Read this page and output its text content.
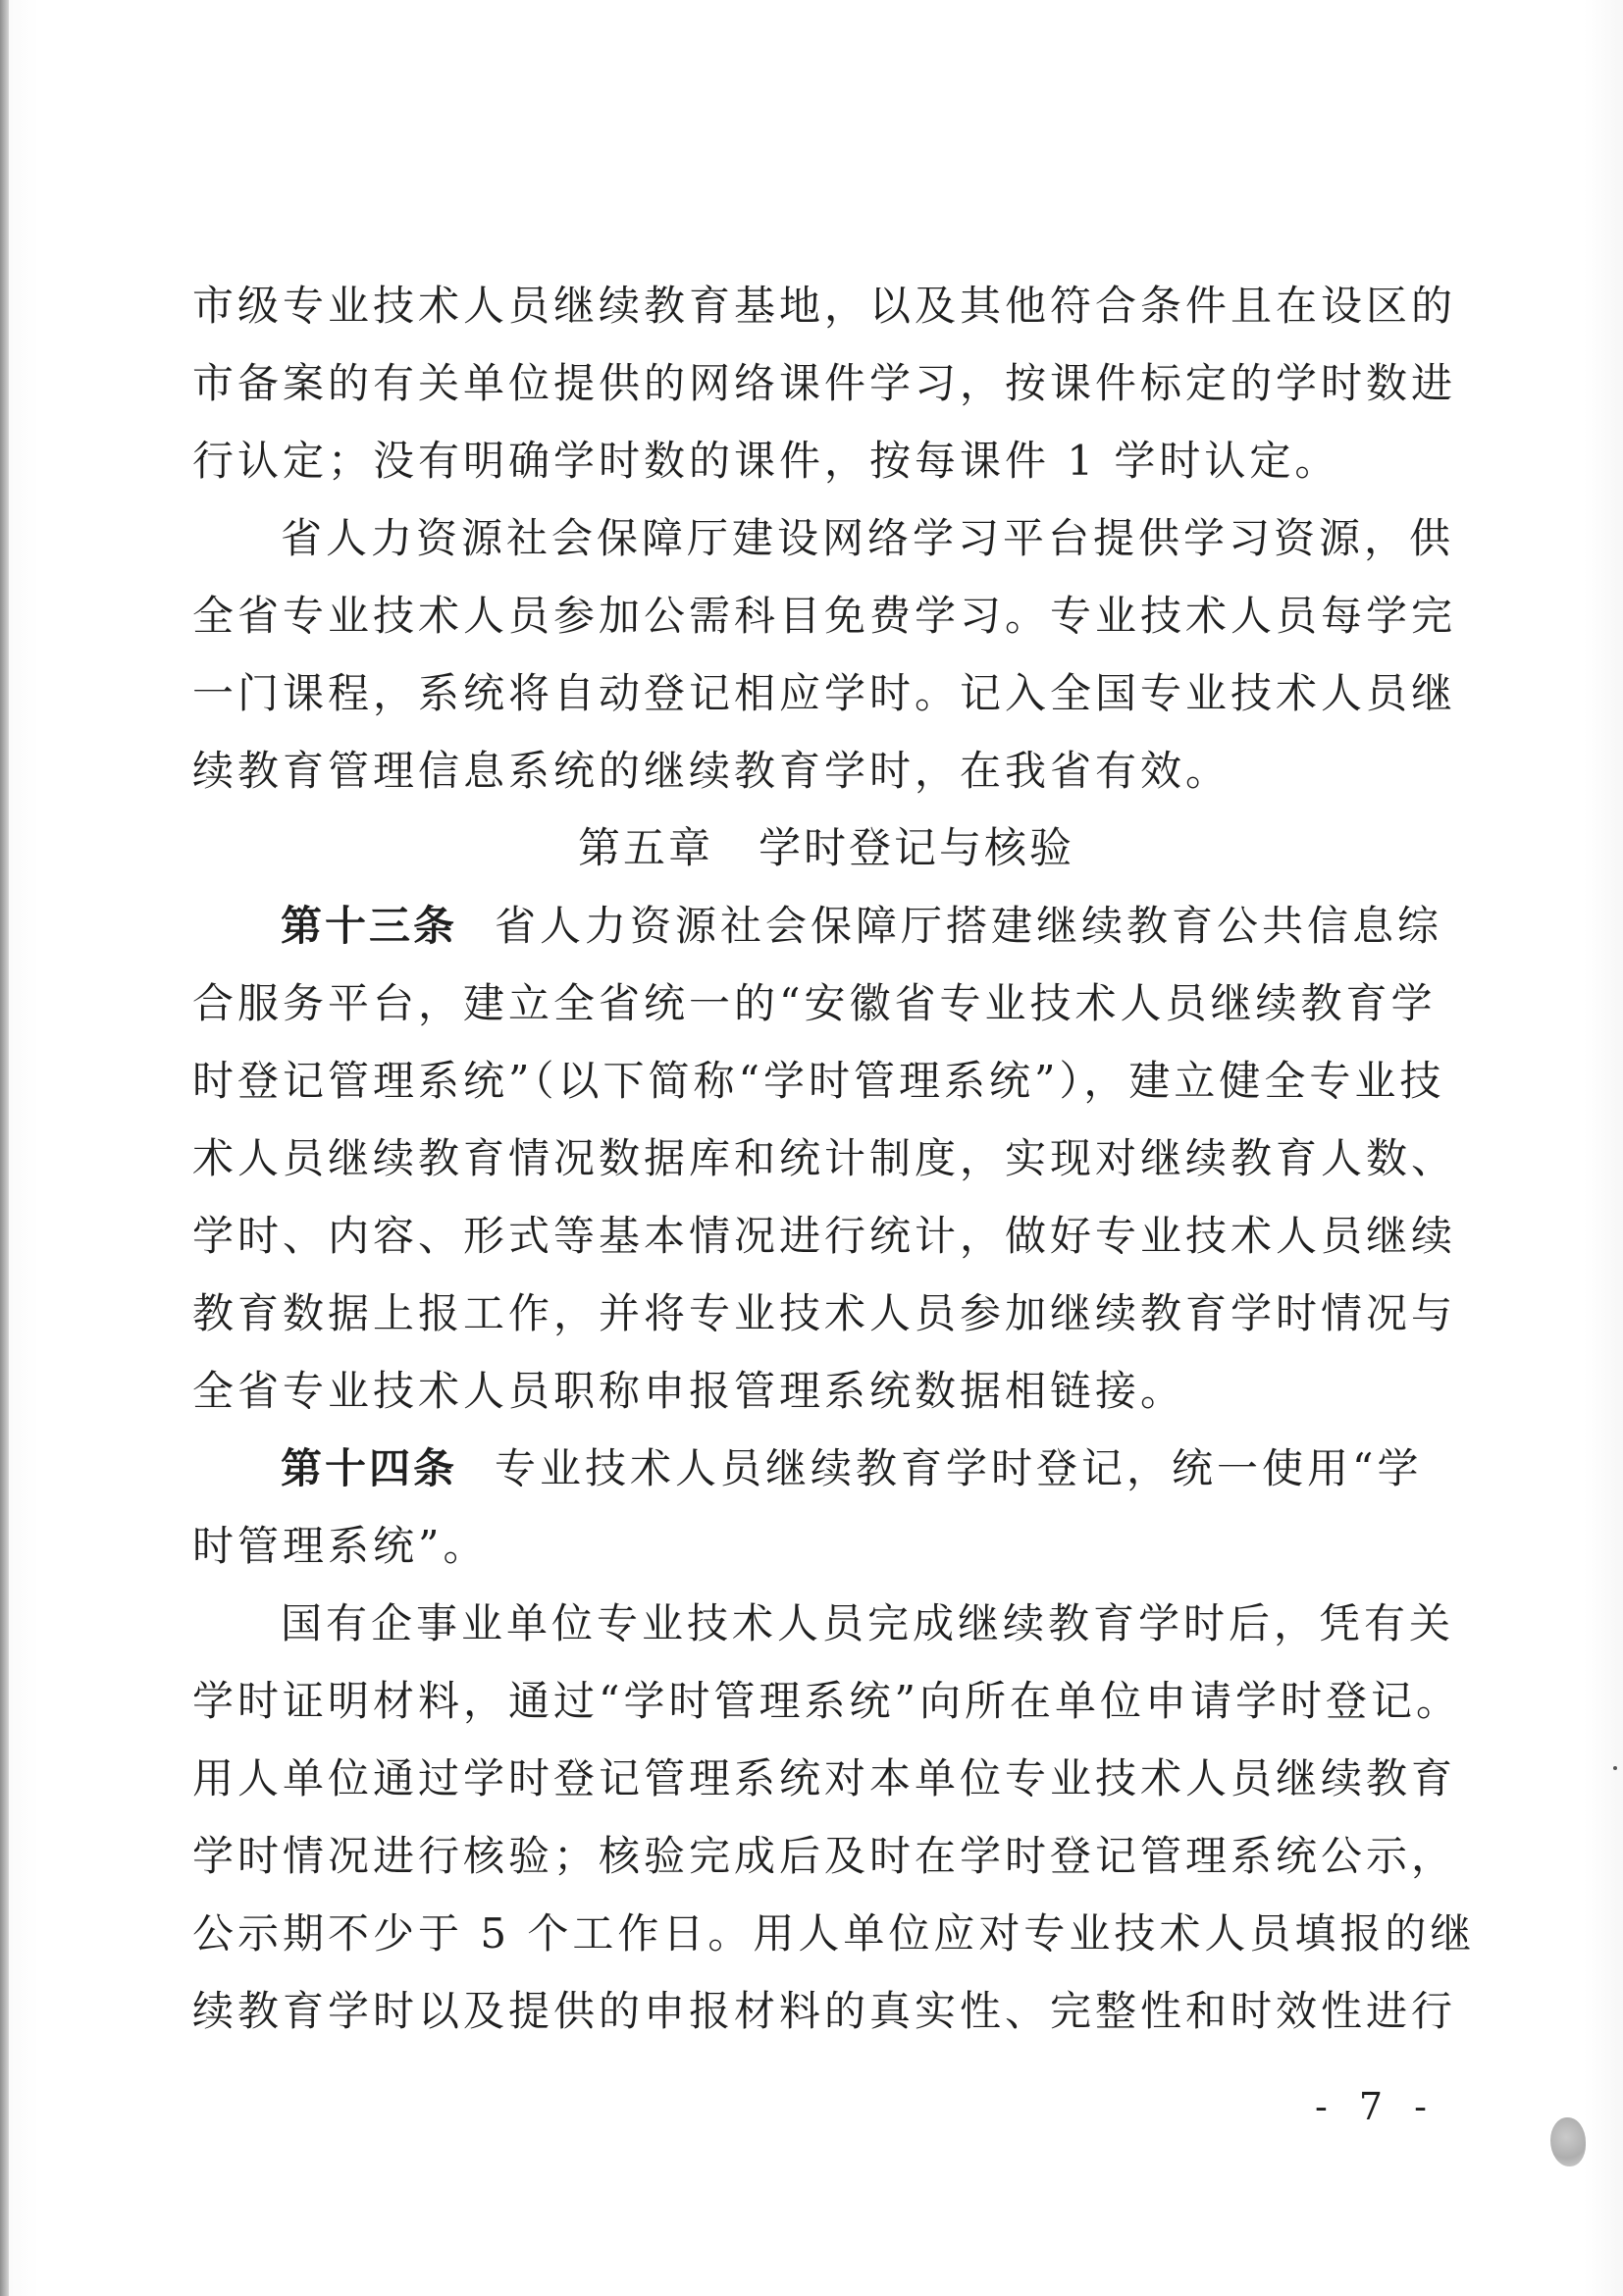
市级专业技术人员继续教育基地，以及其他符合条件且在设区的
市备案的有关单位提供的网络课件学习，按课件标定的学时数进
行认定；没有明确学时数的课件，按每课件 1 学时认定。
省人力资源社会保障厅建设网络学习平台提供学习资源，供
全省专业技术人员参加公需科目免费学习。专业技术人员每学完
一门课程，系统将自动登记相应学时。记入全国专业技术人员继
续教育管理信息系统的继续教育学时，在我省有效。
第五章　学时登记与核验
第十三条 省人力资源社会保障厅搭建继续教育公共信息综
合服务平台，建立全省统一的“安徽省专业技术人员继续教育学
时登记管理系统”（以下简称“学时管理系统”），建立健全专业技
术人员继续教育情况数据库和统计制度，实现对继续教育人数、
学时、内容、形式等基本情况进行统计，做好专业技术人员继续
教育数据上报工作，并将专业技术人员参加继续教育学时情况与
全省专业技术人员职称申报管理系统数据相链接。
第十四条 专业技术人员继续教育学时登记，统一使用“学
时管理系统”。
国有企事业单位专业技术人员完成继续教育学时后，凭有关
学时证明材料，通过“学时管理系统”向所在单位申请学时登记。
用人单位通过学时登记管理系统对本单位专业技术人员继续教育
学时情况进行核验；核验完成后及时在学时登记管理系统公示，
公示期不少于 5 个工作日。用人单位应对专业技术人员填报的继
续教育学时以及提供的申报材料的真实性、完整性和时效性进行
- 7 -
